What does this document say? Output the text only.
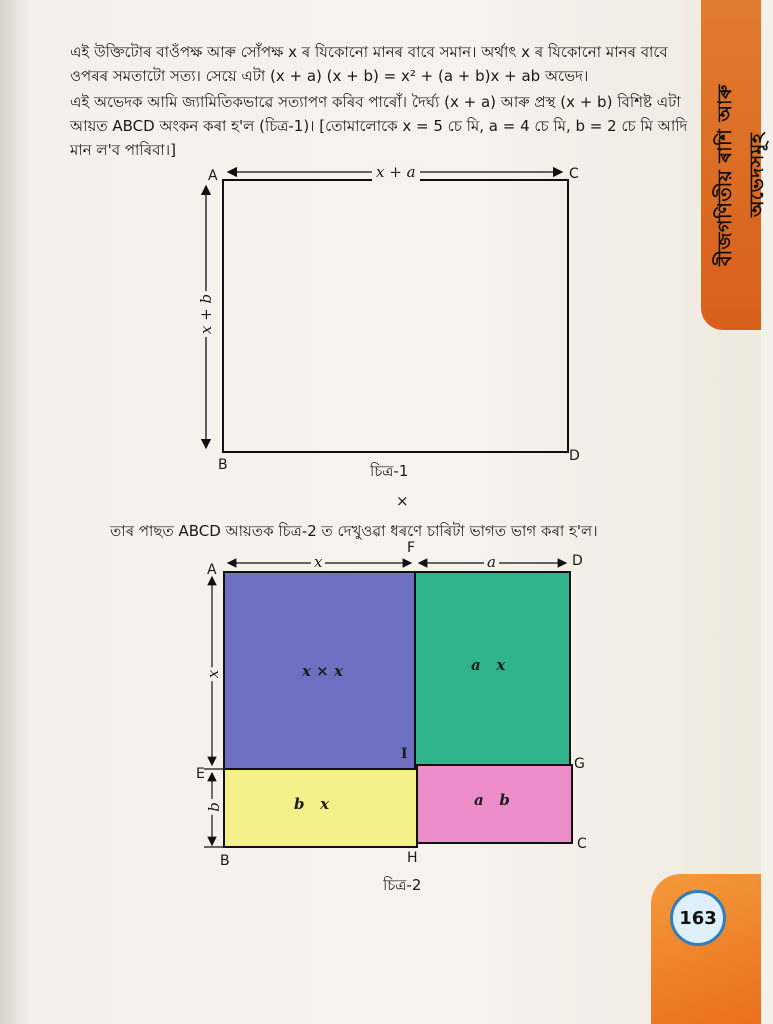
বীজগণিতীয় ৰাশি আৰু অভেদসমূহ
এই উক্তিটোৰ বাওঁপক্ষ আৰু সোঁপক্ষ x ৰ যিকোনো মানৰ বাবে সমান। অৰ্থাৎ x ৰ যিকোনো মানৰ বাবে ওপৰৰ সমতাটো সত্য। সেয়ে এটা (x + a) (x + b) = x² + (a + b)x + ab অভেদ।
এই অভেদক আমি জ্যামিতিকভাৱে সত্যাপণ কৰিব পাৰোঁ। দৈৰ্ঘ্য (x + a) আৰু প্ৰস্থ (x + b) বিশিষ্ট এটা আয়ত ABCD অংকন কৰা হ'ল (চিত্ৰ-1)। [তোমালোকে x = 5 চে মি, a = 4 চে মি, b = 2 চে মি আদি মান ল'ব পাৰিবা।]
x + a
x + b
A	C
B
D
চিত্ৰ-1
×
তাৰ পাছত ABCD আয়তক চিত্ৰ-2 ত দেখুওৱা ধৰণে চাৰিটা ভাগত ভাগ কৰা হ'ল।
x	a
x
b
A
F
D
E
G
I
B	H
C
x × x	a   x
b   x	a   b
চিত্ৰ-2
163
